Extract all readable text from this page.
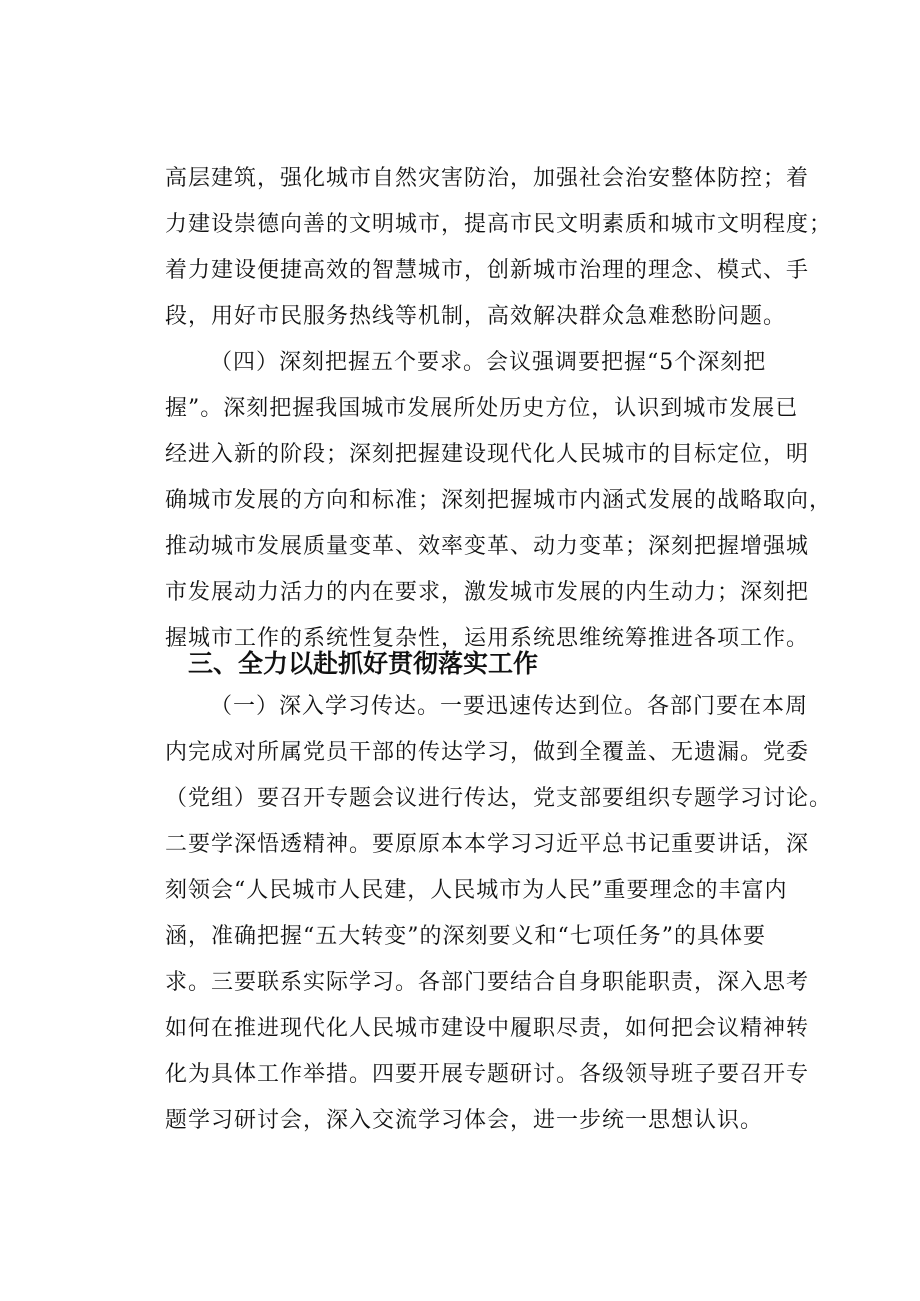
高层建筑，强化城市自然灾害防治，加强社会治安整体防控；着
力建设崇德向善的文明城市，提高市民文明素质和城市文明程度；
着力建设便捷高效的智慧城市，创新城市治理的理念、模式、手
段，用好市民服务热线等机制，高效解决群众急难愁盼问题。
（四）深刻把握五个要求。会议强调要把握“5个深刻把
握”。深刻把握我国城市发展所处历史方位，认识到城市发展已
经进入新的阶段；深刻把握建设现代化人民城市的目标定位，明
确城市发展的方向和标准；深刻把握城市内涵式发展的战略取向，
推动城市发展质量变革、效率变革、动力变革；深刻把握增强城
市发展动力活力的内在要求，激发城市发展的内生动力；深刻把
握城市工作的系统性复杂性，运用系统思维统筹推进各项工作。
三、全力以赴抓好贯彻落实工作
（一）深入学习传达。一要迅速传达到位。各部门要在本周
内完成对所属党员干部的传达学习，做到全覆盖、无遗漏。党委
（党组）要召开专题会议进行传达，党支部要组织专题学习讨论。
二要学深悟透精神。要原原本本学习习近平总书记重要讲话，深
刻领会“人民城市人民建，人民城市为人民”重要理念的丰富内
涵，准确把握“五大转变”的深刻要义和“七项任务”的具体要
求。三要联系实际学习。各部门要结合自身职能职责，深入思考
如何在推进现代化人民城市建设中履职尽责，如何把会议精神转
化为具体工作举措。四要开展专题研讨。各级领导班子要召开专
题学习研讨会，深入交流学习体会，进一步统一思想认识。
